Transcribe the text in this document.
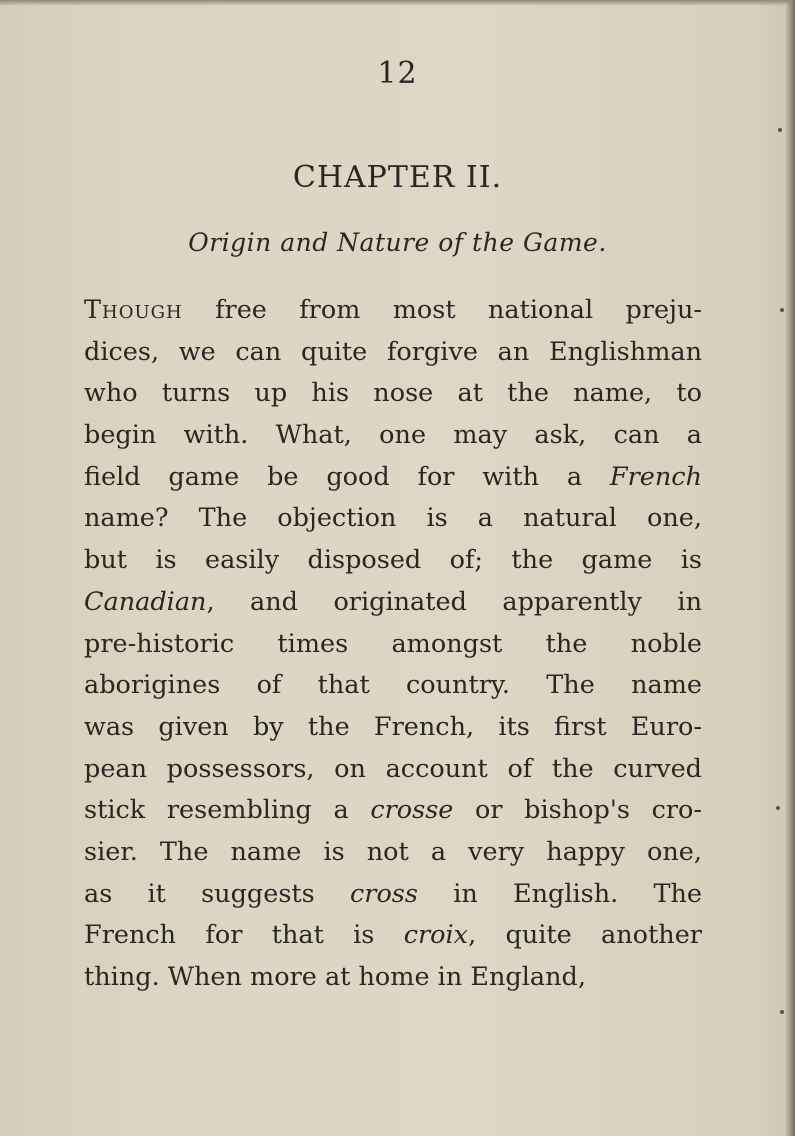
12
CHAPTER II.
Origin and Nature of the Game.
Though free from most national preju-
dices, we can quite forgive an Englishman
who turns up his nose at the name, to
begin with. What, one may ask, can a
field game be good for with a French
name? The objection is a natural one,
but is easily disposed of; the game is
Canadian, and originated apparently in
pre-historic times amongst the noble
aborigines of that country. The name
was given by the French, its first Euro-
pean possessors, on account of the curved
stick resembling a crosse or bishop's cro-
sier. The name is not a very happy one,
as it suggests cross in English. The
French for that is croix, quite another
thing. When more at home in England,
